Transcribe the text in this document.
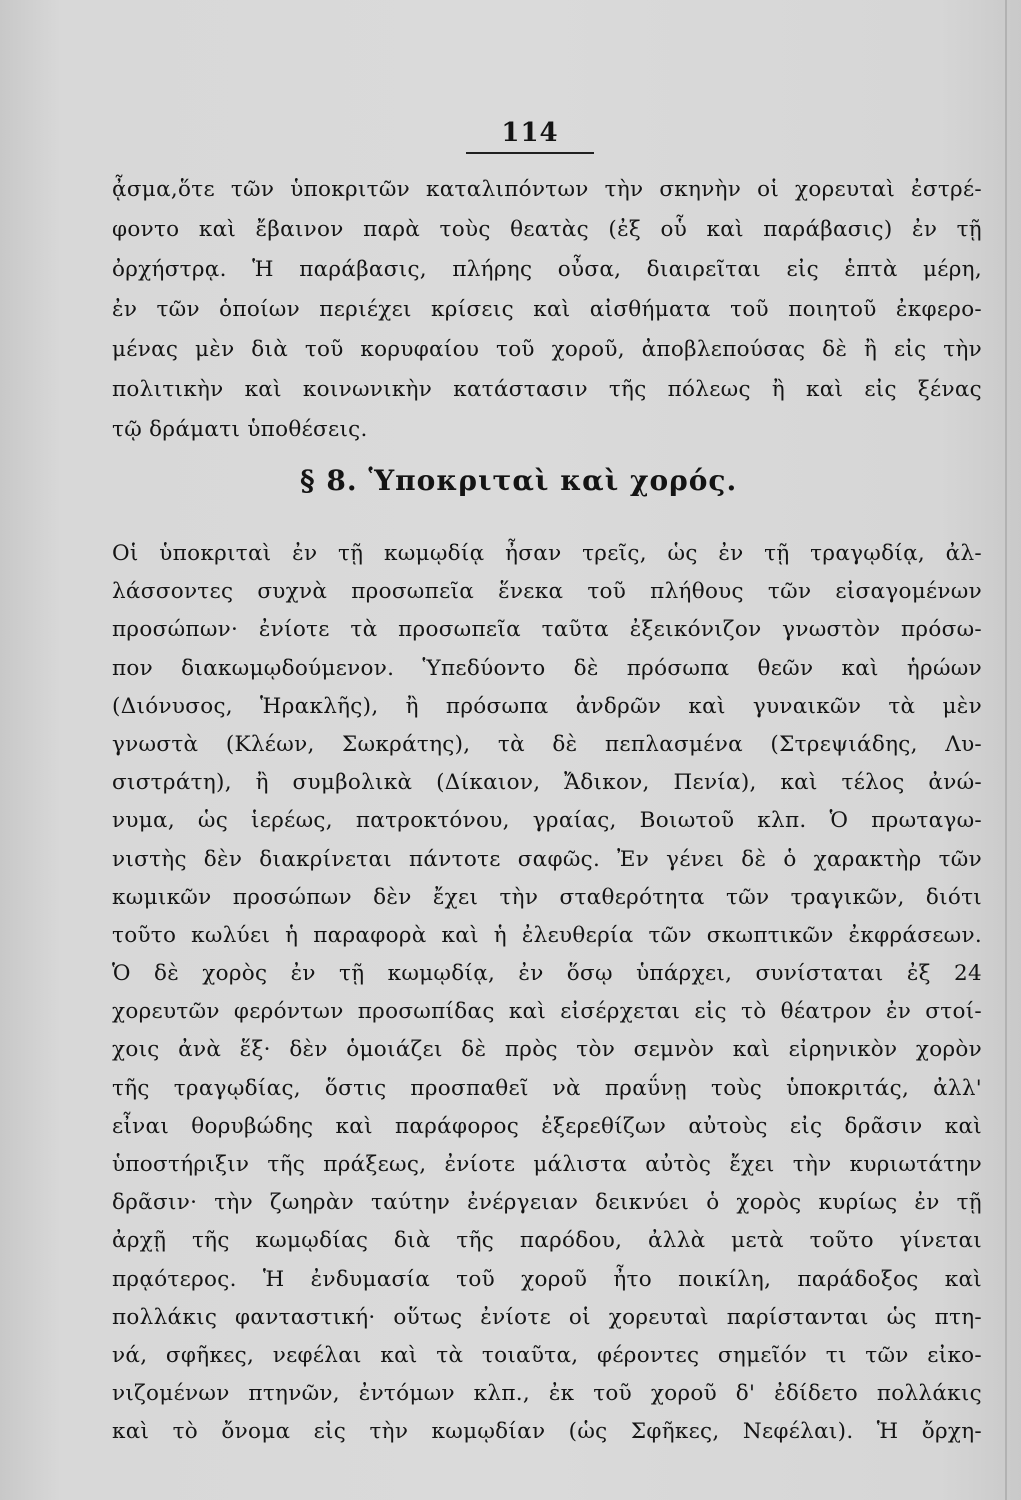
114
ᾆσμα,ὅτε τῶν ὑποκριτῶν καταλιπόντων τὴν σκηνὴν οἱ χορευταὶ ἐστρέ-
φοντο καὶ ἔβαινον παρὰ τοὺς θεατὰς (ἐξ οὗ καὶ παράβασις) ἐν τῇ
ὀρχήστρᾳ. Ἡ παράβασις, πλήρης οὖσα, διαιρεῖται εἰς ἑπτὰ μέρη,
ἐν τῶν ὁποίων περιέχει κρίσεις καὶ αἰσθήματα τοῦ ποιητοῦ ἐκφερο-
μένας μὲν διὰ τοῦ κορυφαίου τοῦ χοροῦ, ἀποβλεπούσας δὲ ἢ εἰς τὴν
πολιτικὴν καὶ κοινωνικὴν κατάστασιν τῆς πόλεως ἢ καὶ εἰς ξένας
τῷ δράματι ὑποθέσεις.
§ 8. Ὑποκριταὶ καὶ χορός.
Οἱ ὑποκριταὶ ἐν τῇ κωμῳδίᾳ ἦσαν τρεῖς, ὡς ἐν τῇ τραγῳδίᾳ, ἀλ-
λάσσοντες συχνὰ προσωπεῖα ἕνεκα τοῦ πλήθους τῶν εἰσαγομένων
προσώπων· ἐνίοτε τὰ προσωπεῖα ταῦτα ἐξεικόνιζον γνωστὸν πρόσω-
πον διακωμῳδούμενον. Ὑπεδύοντο δὲ πρόσωπα θεῶν καὶ ἡρώων
(Διόνυσος, Ἡρακλῆς), ἢ πρόσωπα ἀνδρῶν καὶ γυναικῶν τὰ μὲν
γνωστὰ (Κλέων, Σωκράτης), τὰ δὲ πεπλασμένα (Στρεψιάδης, Λυ-
σιστράτη), ἢ συμβολικὰ (Δίκαιον, Ἄδικον, Πενία), καὶ τέλος ἀνώ-
νυμα, ὡς ἱερέως, πατροκτόνου, γραίας, Βοιωτοῦ κλπ. Ὁ πρωταγω-
νιστὴς δὲν διακρίνεται πάντοτε σαφῶς. Ἐν γένει δὲ ὁ χαρακτὴρ τῶν
κωμικῶν προσώπων δὲν ἔχει τὴν σταθερότητα τῶν τραγικῶν, διότι
τοῦτο κωλύει ἡ παραφορὰ καὶ ἡ ἐλευθερία τῶν σκωπτικῶν ἐκφράσεων.
Ὁ δὲ χορὸς ἐν τῇ κωμῳδίᾳ, ἐν ὅσῳ ὑπάρχει, συνίσταται ἐξ 24
χορευτῶν φερόντων προσωπίδας καὶ εἰσέρχεται εἰς τὸ θέατρον ἐν στοί-
χοις ἀνὰ ἕξ· δὲν ὁμοιάζει δὲ πρὸς τὸν σεμνὸν καὶ εἰρηνικὸν χορὸν
τῆς τραγῳδίας, ὅστις προσπαθεῖ νὰ πραΰνῃ τοὺς ὑποκριτάς, ἀλλ'
εἶναι θορυβώδης καὶ παράφορος ἐξερεθίζων αὐτοὺς εἰς δρᾶσιν καὶ
ὑποστήριξιν τῆς πράξεως, ἐνίοτε μάλιστα αὐτὸς ἔχει τὴν κυριωτάτην
δρᾶσιν· τὴν ζωηρὰν ταύτην ἐνέργειαν δεικνύει ὁ χορὸς κυρίως ἐν τῇ
ἀρχῇ τῆς κωμῳδίας διὰ τῆς παρόδου, ἀλλὰ μετὰ τοῦτο γίνεται
πρᾳότερος. Ἡ ἐνδυμασία τοῦ χοροῦ ἦτο ποικίλη, παράδοξος καὶ
πολλάκις φανταστική· οὕτως ἐνίοτε οἱ χορευταὶ παρίστανται ὡς πτη-
νά, σφῆκες, νεφέλαι καὶ τὰ τοιαῦτα, φέροντες σημεῖόν τι τῶν εἰκο-
νιζομένων πτηνῶν, ἐντόμων κλπ., ἐκ τοῦ χοροῦ δ' ἐδίδετο πολλάκις
καὶ τὸ ὄνομα εἰς τὴν κωμῳδίαν (ὡς Σφῆκες, Νεφέλαι). Ἡ ὄρχη-
